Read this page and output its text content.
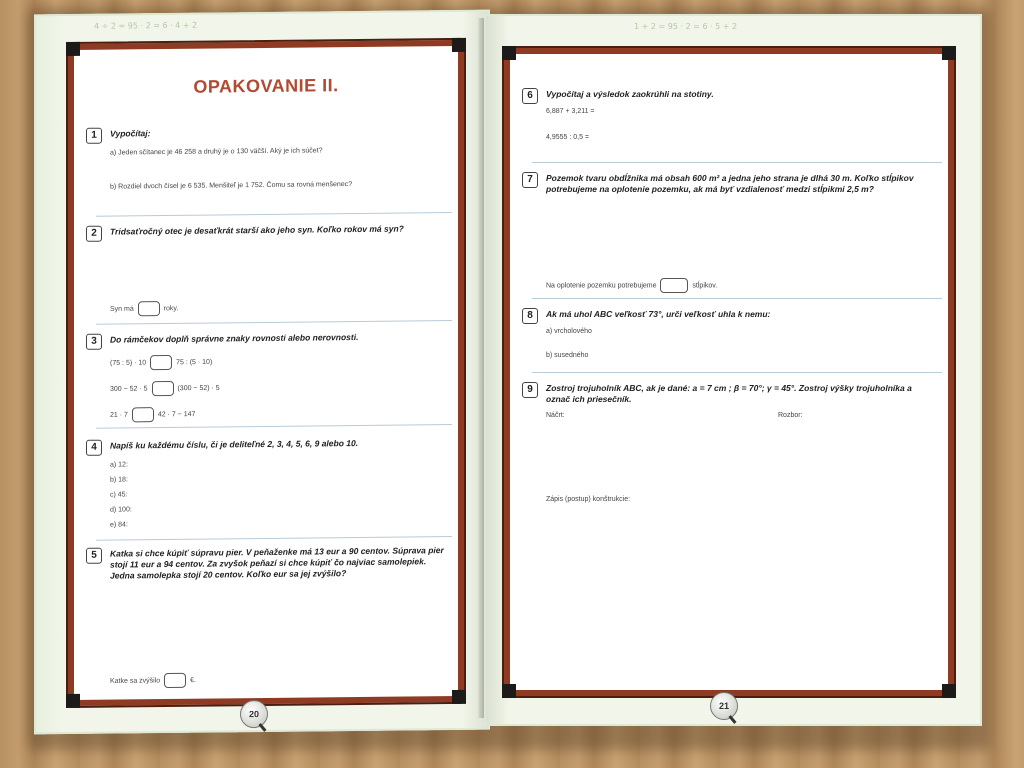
4 ÷ 2 = 95 · 2 = 6 · 4 + 2
OPAKOVANIE II.
1	Vypočítaj:
a) Jeden sčítanec je 46 258 a druhý je o 130 väčší. Aký je ich súčet?
b) Rozdiel dvoch čísel je 6 535. Menšiteľ je 1 752. Čomu sa rovná menšenec?
2	Tridsaťročný otec je desaťkrát starší ako jeho syn. Koľko rokov má syn?
Syn má	roky.
3	Do rámčekov doplň správne znaky rovnosti alebo nerovnosti.
(75 : 5) · 10	75 : (5 · 10)
300 − 52 · 5	(300 − 52) · 5
21 · 7	42 · 7 − 147
4	Napíš ku každému číslu, či je deliteľné 2, 3, 4, 5, 6, 9 alebo 10.
a) 12:
b) 18:
c) 45:
d) 100:
e) 84:
5	Katka si chce kúpiť súpravu pier. V peňaženke má 13 eur a 90 centov. Súprava pier stojí 11 eur a 94 centov. Za zvyšok peňazí si chce kúpiť čo najviac samolepiek. Jedna samolepka stojí 20 centov. Koľko eur sa jej zvýšilo?
Katke sa zvýšilo	€.
20
1 + 2 = 95 · 2 = 6 · 5 + 2
6	Vypočítaj a výsledok zaokrúhli na stotiny.
6,887 + 3,211 =
4,9555 : 0,5 =
7	Pozemok tvaru obdĺžnika má obsah 600 m² a jedna jeho strana je dlhá 30 m. Koľko stĺpikov potrebujeme na oplotenie pozemku, ak má byť vzdialenosť medzi stĺpikmi 2,5 m?
Na oplotenie pozemku potrebujeme	stĺpikov.
8	Ak má uhol ABC veľkosť 73°, urči veľkosť uhla k nemu:
a) vrcholového
b) susedného
9	Zostroj trojuholník ABC, ak je dané: a = 7 cm ; β = 70°; γ = 45°. Zostroj výšky trojuholníka a označ ich priesečník.
Náčrt:	Rozbor:
Zápis (postup) konštrukcie:
21
